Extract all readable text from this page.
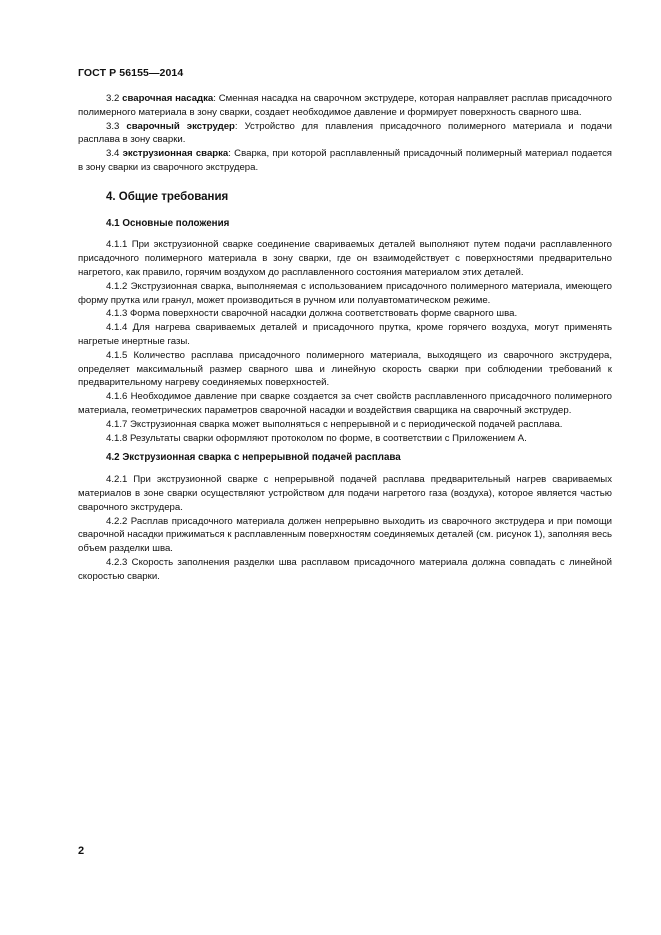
ГОСТ Р 56155—2014

3.2 сварочная насадка: Сменная насадка на сварочном экструдере, которая направляет расплав присадочного полимерного материала в зону сварки, создает необходимое давление и формирует поверхность сварного шва.

3.3 сварочный экструдер: Устройство для плавления присадочного полимерного материала и подачи расплава в зону сварки.

3.4 экструзионная сварка: Сварка, при которой расплавленный присадочный полимерный материал подается в зону сварки из сварочного экструдера.

4. Общие требования
4.1 Основные положения

4.1.1 При экструзионной сварке соединение свариваемых деталей выполняют путем подачи расплавленного присадочного полимерного материала в зону сварки, где он взаимодействует с поверхностями предварительно нагретого, как правило, горячим воздухом до расплавленного состояния материалом этих деталей.

4.1.2 Экструзионная сварка, выполняемая с использованием присадочного полимерного материала, имеющего форму прутка или гранул, может производиться в ручном или полуавтоматическом режиме.

4.1.3 Форма поверхности сварочной насадки должна соответствовать форме сварного шва.

4.1.4 Для нагрева свариваемых деталей и присадочного прутка, кроме горячего воздуха, могут применять нагретые инертные газы.

4.1.5 Количество расплава присадочного полимерного материала, выходящего из сварочного экструдера, определяет максимальный размер сварного шва и линейную скорость сварки при соблюдении требований к предварительному нагреву соединяемых поверхностей.

4.1.6 Необходимое давление при сварке создается за счет свойств расплавленного присадочного полимерного материала, геометрических параметров сварочной насадки и воздействия сварщика на сварочный экструдер.

4.1.7 Экструзионная сварка может выполняться с непрерывной и с периодической подачей расплава.

4.1.8 Результаты сварки оформляют протоколом по форме, в соответствии с Приложением А.

4.2 Экструзионная сварка с непрерывной подачей расплава

4.2.1 При экструзионной сварке с непрерывной подачей расплава предварительный нагрев свариваемых материалов в зоне сварки осуществляют устройством для подачи нагретого газа (воздуха), которое является частью сварочного экструдера.

4.2.2 Расплав присадочного материала должен непрерывно выходить из сварочного экструдера и при помощи сварочной насадки прижиматься к расплавленным поверхностям соединяемых деталей (см. рисунок 1), заполняя весь объем разделки шва.

4.2.3 Скорость заполнения разделки шва расплавом присадочного материала должна совпадать с линейной скоростью сварки.

2
